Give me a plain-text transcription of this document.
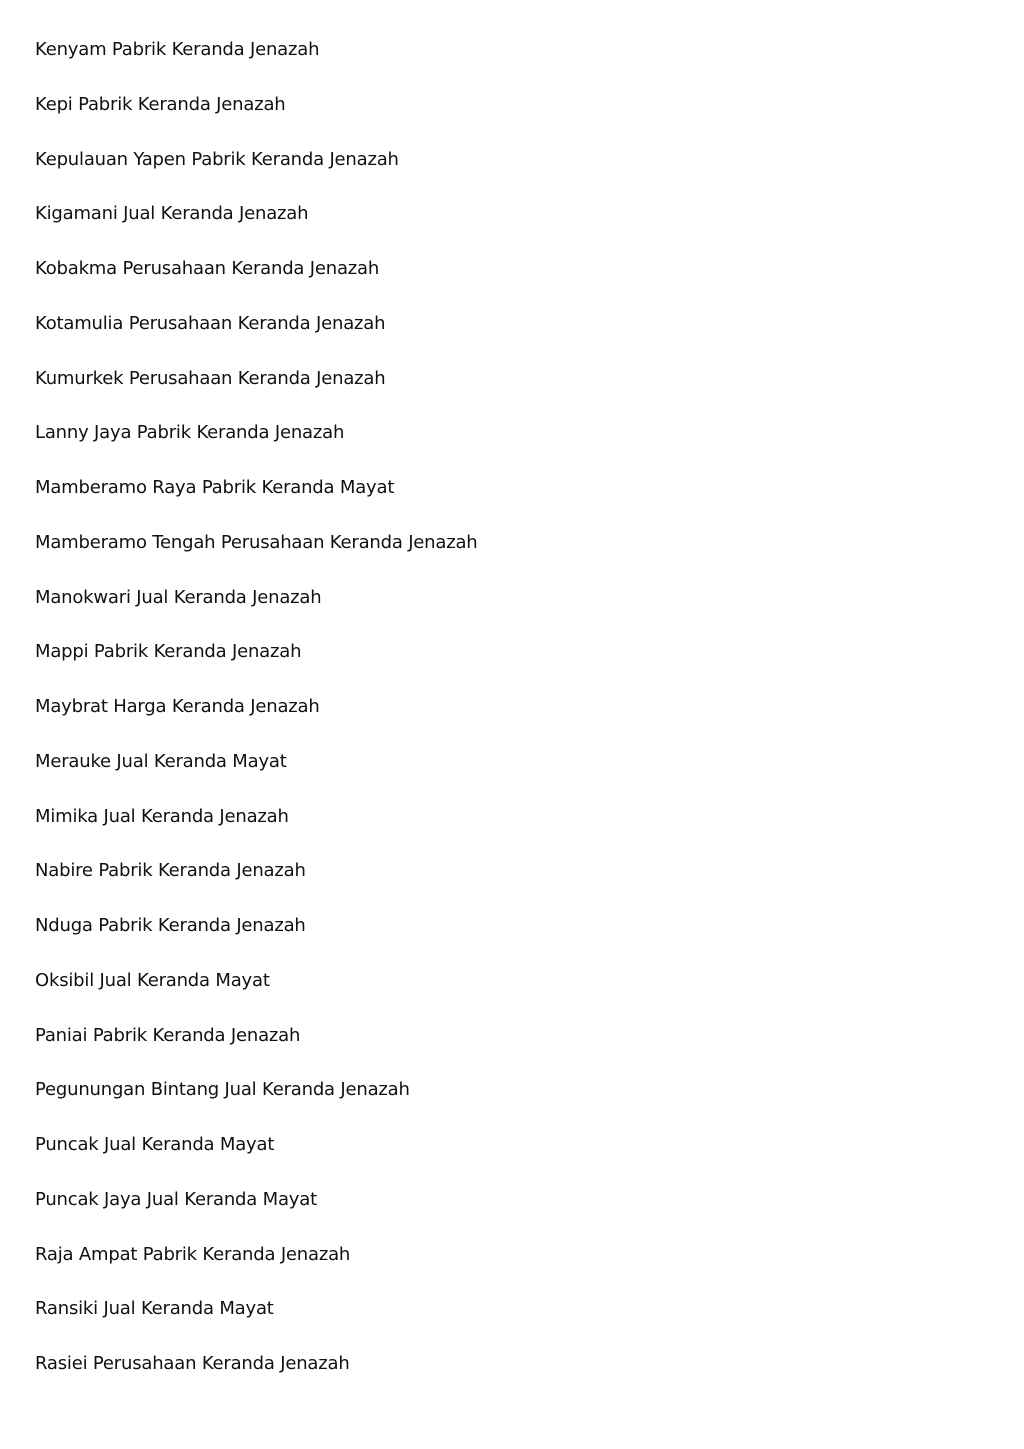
Kenyam Pabrik Keranda Jenazah
Kepi Pabrik Keranda Jenazah
Kepulauan Yapen Pabrik Keranda Jenazah
Kigamani Jual Keranda Jenazah
Kobakma Perusahaan Keranda Jenazah
Kotamulia Perusahaan Keranda Jenazah
Kumurkek Perusahaan Keranda Jenazah
Lanny Jaya Pabrik Keranda Jenazah
Mamberamo Raya Pabrik Keranda Mayat
Mamberamo Tengah Perusahaan Keranda Jenazah
Manokwari Jual Keranda Jenazah
Mappi Pabrik Keranda Jenazah
Maybrat Harga Keranda Jenazah
Merauke Jual Keranda Mayat
Mimika Jual Keranda Jenazah
Nabire Pabrik Keranda Jenazah
Nduga Pabrik Keranda Jenazah
Oksibil Jual Keranda Mayat
Paniai Pabrik Keranda Jenazah
Pegunungan Bintang Jual Keranda Jenazah
Puncak Jual Keranda Mayat
Puncak Jaya Jual Keranda Mayat
Raja Ampat Pabrik Keranda Jenazah
Ransiki Jual Keranda Mayat
Rasiei Perusahaan Keranda Jenazah
